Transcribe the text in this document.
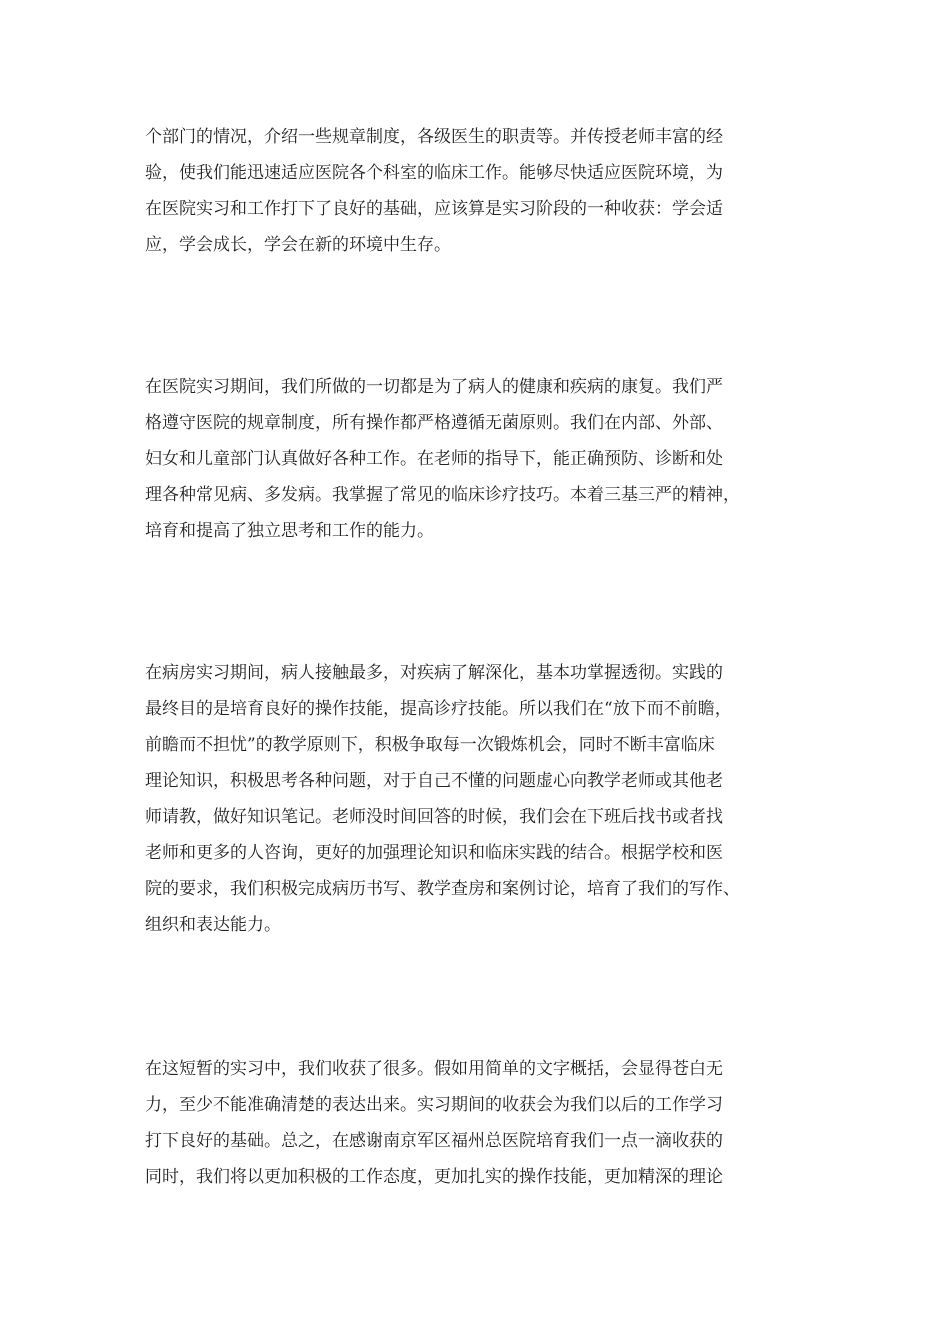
个部门的情况，介绍一些规章制度，各级医生的职责等。并传授老师丰富的经
验，使我们能迅速适应医院各个科室的临床工作。能够尽快适应医院环境，为
在医院实习和工作打下了良好的基础，应该算是实习阶段的一种收获：学会适
应，学会成长，学会在新的环境中生存。
在医院实习期间，我们所做的一切都是为了病人的健康和疾病的康复。我们严
格遵守医院的规章制度，所有操作都严格遵循无菌原则。我们在内部、外部、
妇女和儿童部门认真做好各种工作。在老师的指导下，能正确预防、诊断和处
理各种常见病、多发病。我掌握了常见的临床诊疗技巧。本着三基三严的精神，
培育和提高了独立思考和工作的能力。
在病房实习期间，病人接触最多，对疾病了解深化，基本功掌握透彻。实践的
最终目的是培育良好的操作技能，提高诊疗技能。所以我们在“放下而不前瞻，
前瞻而不担忧”的教学原则下，积极争取每一次锻炼机会，同时不断丰富临床
理论知识，积极思考各种问题，对于自己不懂的问题虚心向教学老师或其他老
师请教，做好知识笔记。老师没时间回答的时候，我们会在下班后找书或者找
老师和更多的人咨询，更好的加强理论知识和临床实践的结合。根据学校和医
院的要求，我们积极完成病历书写、教学查房和案例讨论，培育了我们的写作、
组织和表达能力。
在这短暂的实习中，我们收获了很多。假如用简单的文字概括，会显得苍白无
力，至少不能准确清楚的表达出来。实习期间的收获会为我们以后的工作学习
打下良好的基础。总之，在感谢南京军区福州总医院培育我们一点一滴收获的
同时，我们将以更加积极的工作态度，更加扎实的操作技能，更加精深的理论
